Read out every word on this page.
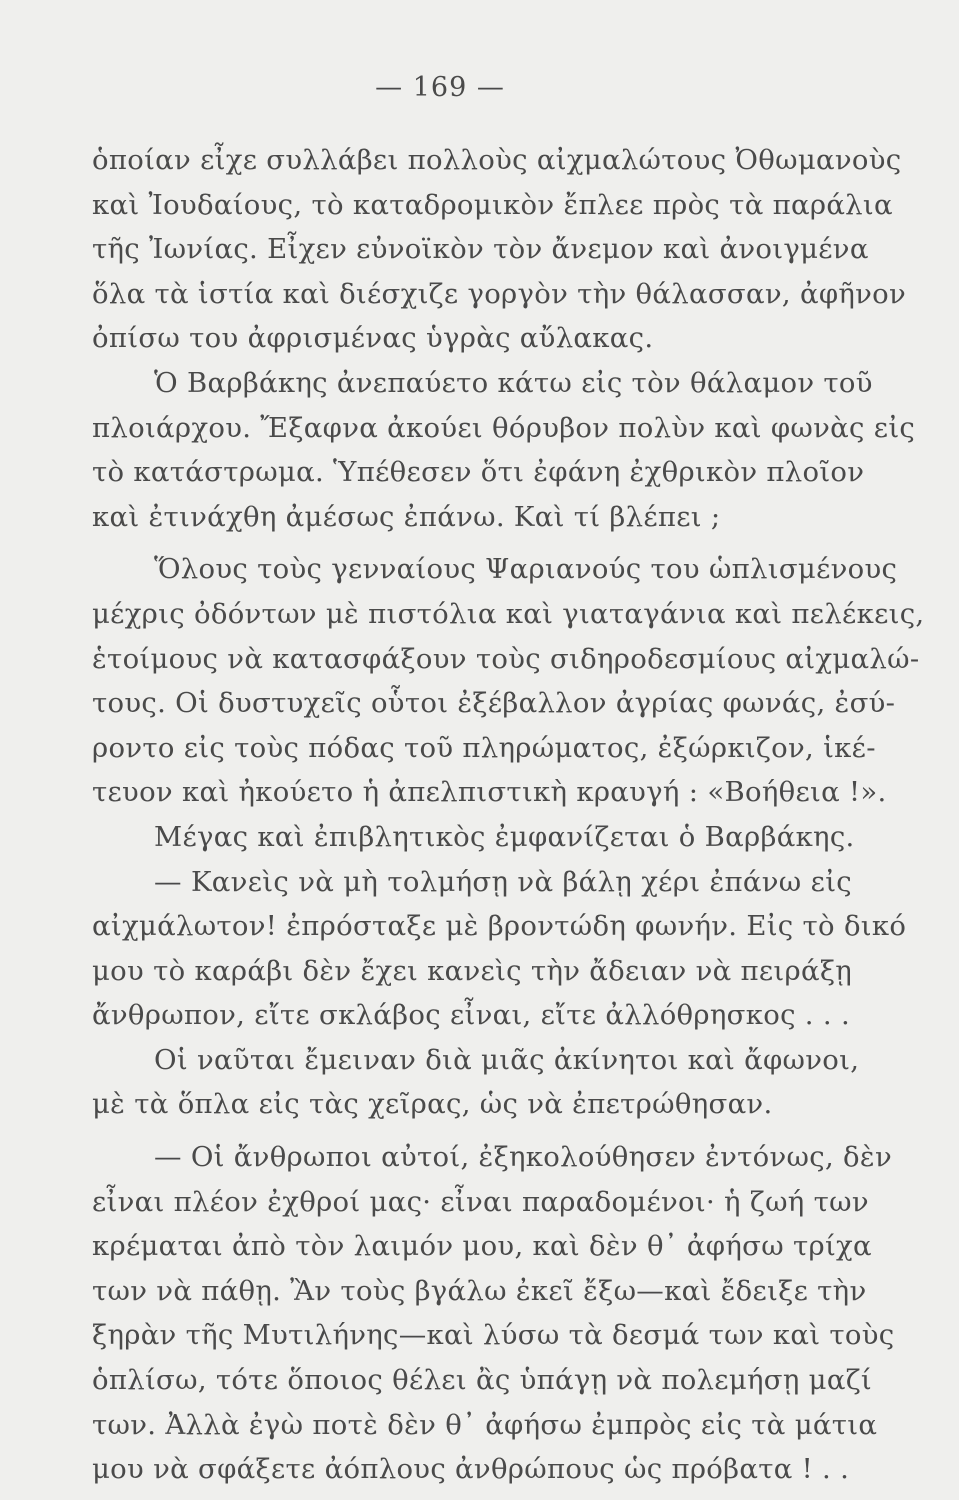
— 169 —
ὁποίαν εἶχε συλλάβει πολλοὺς αἰχμαλώτους Ὀθωμανοὺς
καὶ Ἰουδαίους, τὸ καταδρομικὸν ἔπλεε πρὸς τὰ παράλια
τῆς Ἰωνίας. Εἶχεν εὐνοϊκὸν τὸν ἄνεμον καὶ ἀνοιγμένα
ὅλα τὰ ἱστία καὶ διέσχιζε γοργὸν τὴν θάλασσαν, ἀφῆνον
ὀπίσω του ἀφρισμένας ὑγρὰς αὔλακας.
Ὁ Βαρβάκης ἀνεπαύετο κάτω εἰς τὸν θάλαμον τοῦ
πλοιάρχου. Ἔξαφνα ἀκούει θόρυβον πολὺν καὶ φωνὰς εἰς
τὸ κατάστρωμα. Ὑπέθεσεν ὅτι ἐφάνη ἐχθρικὸν πλοῖον
καὶ ἐτινάχθη ἀμέσως ἐπάνω. Καὶ τί βλέπει ;
Ὅλους τοὺς γενναίους Ψαριανούς του ὡπλισμένους
μέχρις ὀδόντων μὲ πιστόλια καὶ γιαταγάνια καὶ πελέκεις,
ἑτοίμους νὰ κατασφάξουν τοὺς σιδηροδεσμίους αἰχμαλώ-
τους. Οἱ δυστυχεῖς οὗτοι ἐξέβαλλον ἀγρίας φωνάς, ἐσύ-
ροντο εἰς τοὺς πόδας τοῦ πληρώματος, ἐξώρκιζον, ἱκέ-
τευον καὶ ἠκούετο ἡ ἀπελπιστικὴ κραυγή : «Βοήθεια !».
Μέγας καὶ ἐπιβλητικὸς ἐμφανίζεται ὁ Βαρβάκης.
— Κανεὶς νὰ μὴ τολμήσῃ νὰ βάλῃ χέρι ἐπάνω εἰς
αἰχμάλωτον! ἐπρόσταξε μὲ βροντώδη φωνήν. Εἰς τὸ δικό
μου τὸ καράβι δὲν ἔχει κανεὶς τὴν ἄδειαν νὰ πειράξῃ
ἄνθρωπον, εἴτε σκλάβος εἶναι, εἴτε ἀλλόθρησκος . . .
Οἱ ναῦται ἔμειναν διὰ μιᾶς ἀκίνητοι καὶ ἄφωνοι,
μὲ τὰ ὅπλα εἰς τὰς χεῖρας, ὡς νὰ ἐπετρώθησαν.
— Οἱ ἄνθρωποι αὐτοί, ἐξηκολούθησεν ἐντόνως, δὲν
εἶναι πλέον ἐχθροί μας· εἶναι παραδομένοι· ἡ ζωή των
κρέμαται ἀπὸ τὸν λαιμόν μου, καὶ δὲν θ᾽ ἀφήσω τρίχα
των νὰ πάθῃ. Ἂν τοὺς βγάλω ἐκεῖ ἔξω—καὶ ἔδειξε τὴν
ξηρὰν τῆς Μυτιλήνης—καὶ λύσω τὰ δεσμά των καὶ τοὺς
ὁπλίσω, τότε ὅποιος θέλει ἂς ὑπάγῃ νὰ πολεμήσῃ μαζί
των. Ἀλλὰ ἐγὼ ποτὲ δὲν θ᾽ ἀφήσω ἐμπρὸς εἰς τὰ μάτια
μου νὰ σφάξετε ἀόπλους ἀνθρώπους ὡς πρόβατα ! . .
